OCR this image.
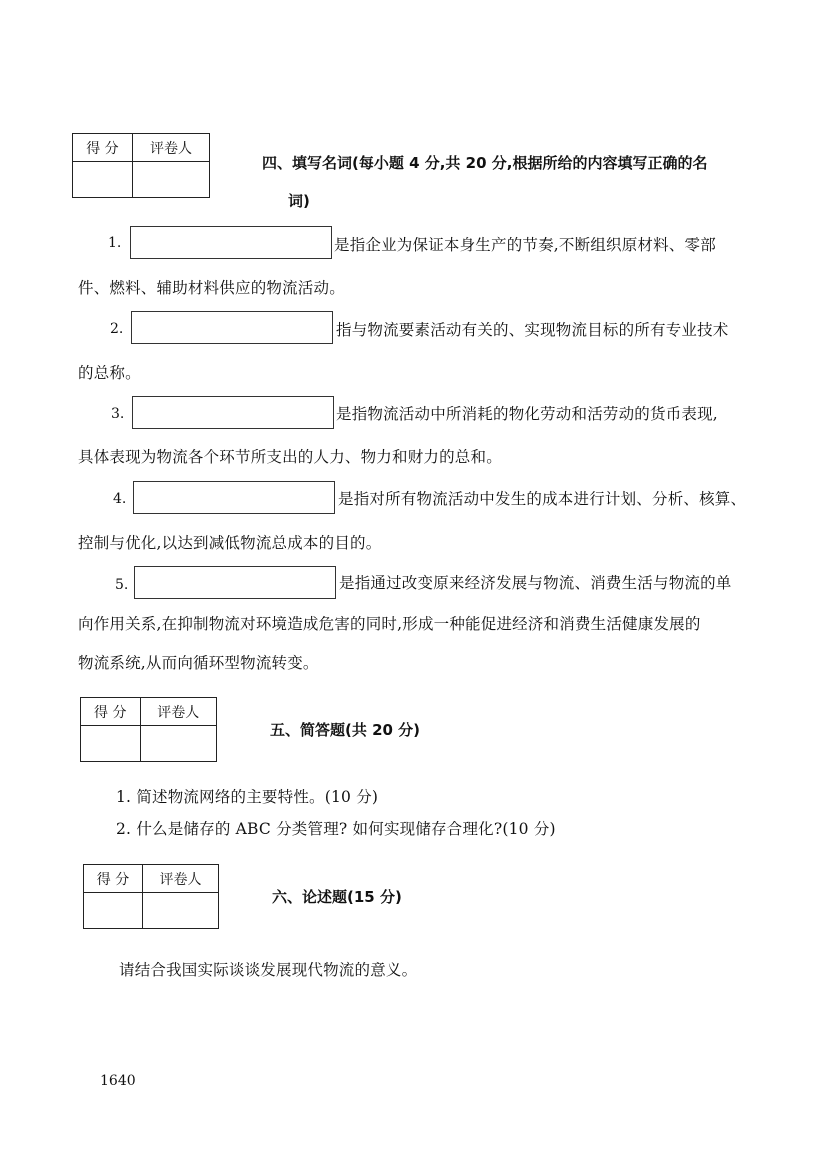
得 分	评卷人

四、填写名词(每小题 4 分,共 20 分,根据所给的内容填写正确的名
词)
1.	是指企业为保证本身生产的节奏,不断组织原材料、零部
件、燃料、辅助材料供应的物流活动。
2.	指与物流要素活动有关的、实现物流目标的所有专业技术
的总称。
3.	是指物流活动中所消耗的物化劳动和活劳动的货币表现,
具体表现为物流各个环节所支出的人力、物力和财力的总和。
4.	是指对所有物流活动中发生的成本进行计划、分析、核算、
控制与优化,以达到减低物流总成本的目的。
5.	是指通过改变原来经济发展与物流、消费生活与物流的单
向作用关系,在抑制物流对环境造成危害的同时,形成一种能促进经济和消费生活健康发展的
物流系统,从而向循环型物流转变。
得 分	评卷人

五、简答题(共 20 分)
1. 简述物流网络的主要特性。(10 分)
2. 什么是储存的 ABC 分类管理? 如何实现储存合理化?(10 分)
得 分	评卷人

六、论述题(15 分)
请结合我国实际谈谈发展现代物流的意义。
1640
